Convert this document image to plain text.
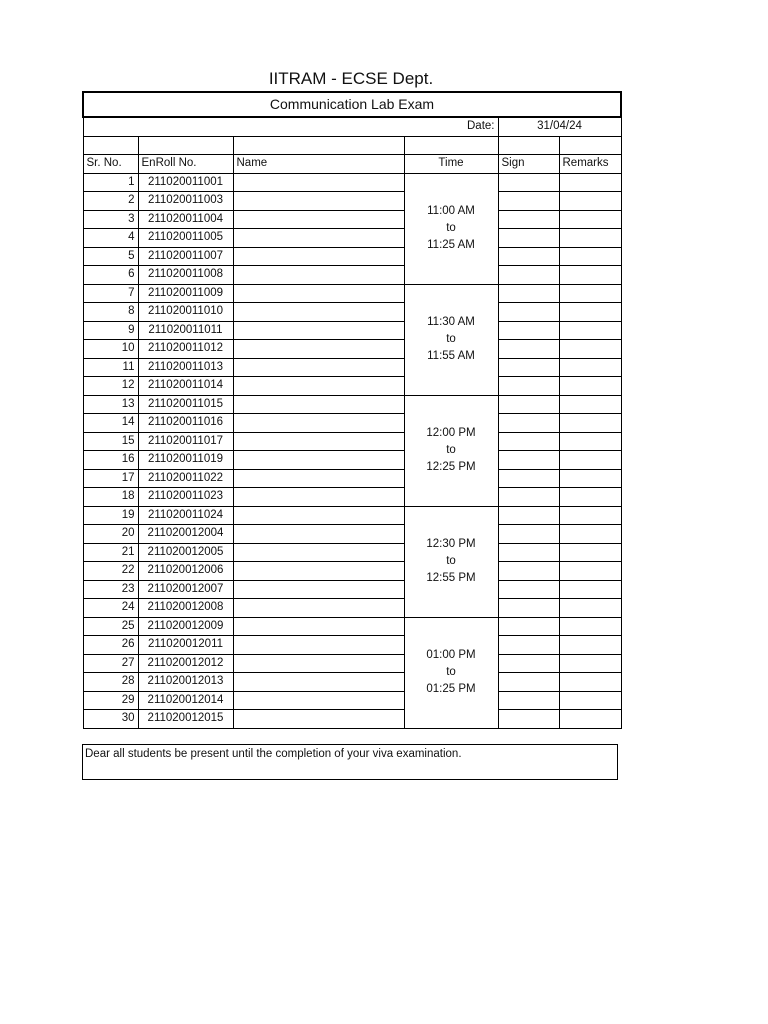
IITRAM - ECSE Dept.
Communication Lab Exam					
Date:				31/04/24	

Sr. No.	EnRoll No.	Name	Time	Sign	Remarks
1	211020011001		11:00 AM
to
11:25 AM		

2	211020011003				
3	211020011004				
4	211020011005				
5	211020011007				
6	211020011008				
7	211020011009		11:30 AM
to
11:55 AM		

8	211020011010				
9	211020011011				
10	211020011012				
11	211020011013				
12	211020011014				
13	211020011015		12:00 PM
to
12:25 PM		

14	211020011016				
15	211020011017				
16	211020011019				
17	211020011022				
18	211020011023				
19	211020011024		12:30 PM
to
12:55 PM		

20	211020012004				
21	211020012005				
22	211020012006				
23	211020012007				
24	211020012008				
25	211020012009		01:00 PM
to
01:25 PM		

26	211020012011				
27	211020012012				
28	211020012013				
29	211020012014				
30	211020012015				
Dear all students be present until the completion of your viva examination.
